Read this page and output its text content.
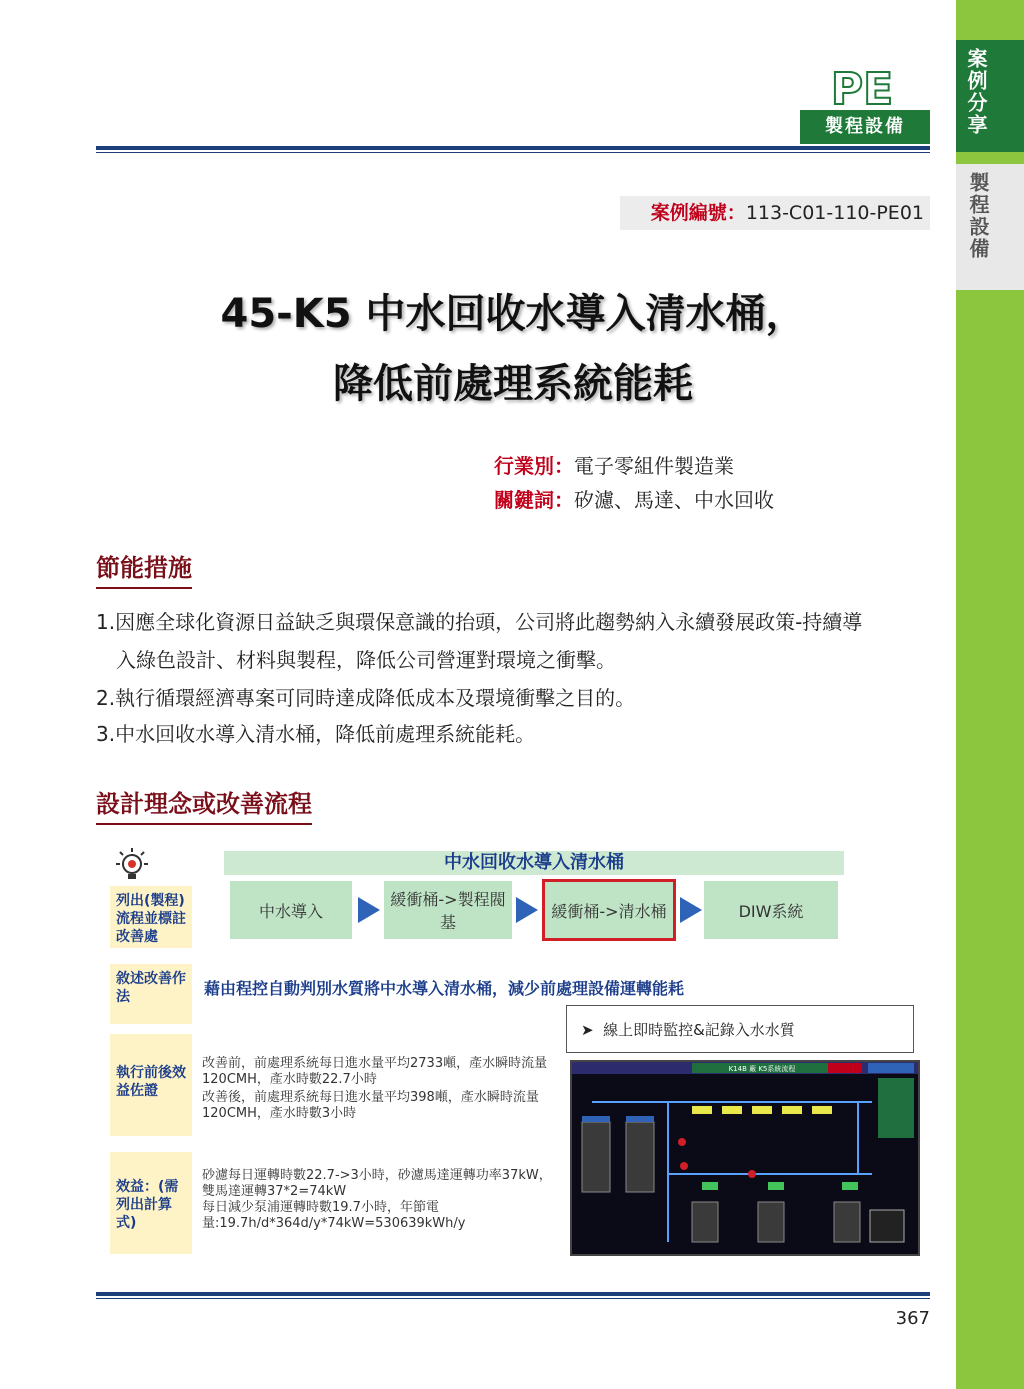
案例分享
製程設備
PE
製程設備
案例編號：113-C01-110-PE01
45-K5 中水回收水導入清水桶，
降低前處理系統能耗
行業別：電子零組件製造業
關鍵詞：矽濾、馬達、中水回收
節能措施
1.因應全球化資源日益缺乏與環保意識的抬頭，公司將此趨勢納入永續發展政策-持續導
入綠色設計、材料與製程，降低公司營運對環境之衝擊。
2.執行循環經濟專案可同時達成降低成本及環境衝擊之目的。
3.中水回收水導入清水桶，降低前處理系統能耗。
設計理念或改善流程
中水回收水導入清水桶
列出(製程)流程並標註改善處
敘述改善作法
執行前後效益佐證
效益：(需列出計算式)
中水導入
緩衝桶->製程閥基
緩衝桶->清水桶	DIW系統
藉由程控自動判別水質將中水導入清水桶，減少前處理設備運轉能耗
➤  線上即時監控&記錄入水水質
改善前，前處理系統每日進水量平均2733噸，產水瞬時流量
120CMH，產水時數22.7小時
改善後，前處理系統每日進水量平均398噸，產水瞬時流量
120CMH，產水時數3小時
砂濾每日運轉時數22.7->3小時，砂濾馬達運轉功率37kW，
雙馬達運轉37*2=74kW
每日減少泵浦運轉時數19.7小時，年節電
量:19.7h/d*364d/y*74kW=530639kWh/y
K14B 廠 K5系統流程
367
